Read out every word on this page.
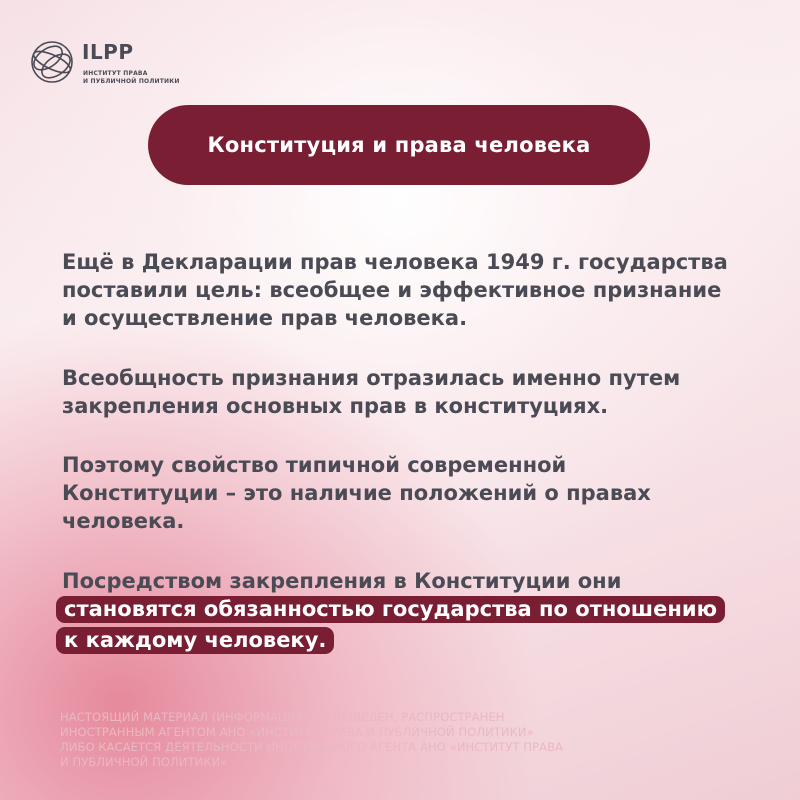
ILPP
ИНСТИТУТ ПРАВА
И ПУБЛИЧНОЙ ПОЛИТИКИ
Конституция и права человека

Ещё в Декларации прав человека 1949 г. государства
поставили цель: всеобщее и эффективное признание
и осуществление прав человека.

Всеобщность признания отразилась именно путем
закрепления основных прав в конституциях.

Поэтому свойство типичной современной
Конституции – это наличие положений о правах
человека.

Посредством закрепления в Конституции они

становятся обязанностью государства по отношению
к каждому человеку.
НАСТОЯЩИЙ МАТЕРИАЛ (ИНФОРМАЦИЯ) ПРОИЗВЕДЕН, РАСПРОСТРАНЕН
ИНОСТРАННЫМ АГЕНТОМ АНО «ИНСТИТУТ ПРАВА И ПУБЛИЧНОЙ ПОЛИТИКИ»
ЛИБО КАСАЕТСЯ ДЕЯТЕЛЬНОСТИ ИНОСТРАННОГО АГЕНТА АНО «ИНСТИТУТ ПРАВА
И ПУБЛИЧНОЙ ПОЛИТИКИ»
